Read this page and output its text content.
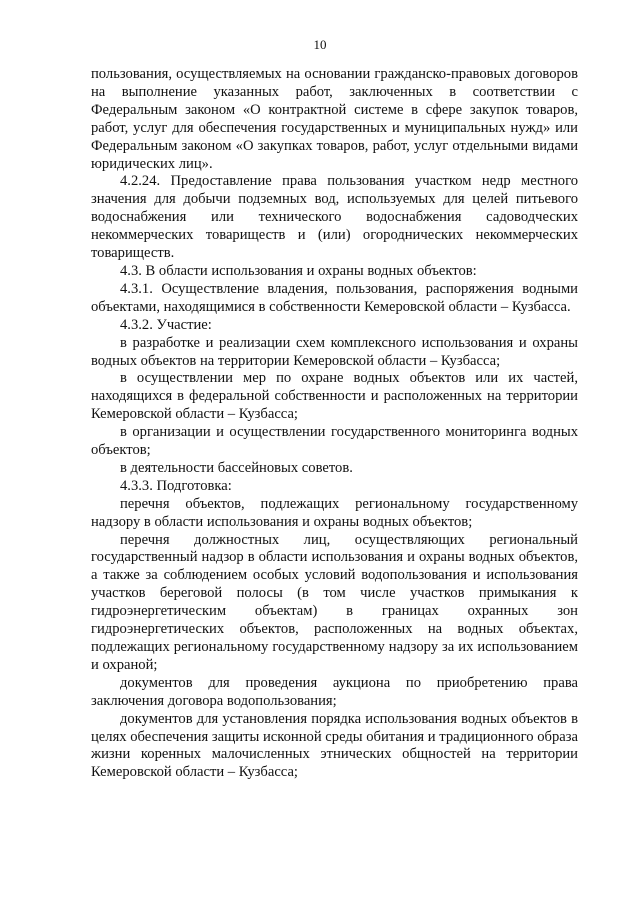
10

пользования, осуществляемых на основании гражданско-правовых договоров на выполнение указанных работ, заключенных в соответствии с Федеральным законом «О контрактной системе в сфере закупок товаров, работ, услуг для обеспечения государственных и муниципальных нужд» или Федеральным законом «О закупках товаров, работ, услуг отдельными видами юридических лиц».

4.2.24. Предоставление права пользования участком недр местного значения для добычи подземных вод, используемых для целей питьевого водоснабжения или технического водоснабжения садоводческих некоммерческих товариществ и (или) огороднических некоммерческих товариществ.

4.3. В области использования и охраны водных объектов:

4.3.1. Осуществление владения, пользования, распоряжения водными объектами, находящимися в собственности Кемеровской области – Кузбасса.

4.3.2. Участие:

в разработке и реализации схем комплексного использования и охраны водных объектов на территории Кемеровской области – Кузбасса;

в осуществлении мер по охране водных объектов или их частей, находящихся в федеральной собственности и расположенных на территории Кемеровской области – Кузбасса;

в организации и осуществлении государственного мониторинга водных объектов;

в деятельности бассейновых советов.

4.3.3. Подготовка:

перечня объектов, подлежащих региональному государственному надзору в области использования и охраны водных объектов;

перечня должностных лиц, осуществляющих региональный государственный надзор в области использования и охраны водных объектов, а также за соблюдением особых условий водопользования и использования участков береговой полосы (в том числе участков примыкания к гидроэнергетическим объектам) в границах охранных зон гидроэнергетических объектов, расположенных на водных объектах, подлежащих региональному государственному надзору за их использованием и охраной;

документов для проведения аукциона по приобретению права заключения договора водопользования;

документов для установления порядка использования водных объектов в целях обеспечения защиты исконной среды обитания и традиционного образа жизни коренных малочисленных этнических общностей на территории Кемеровской области – Кузбасса;
